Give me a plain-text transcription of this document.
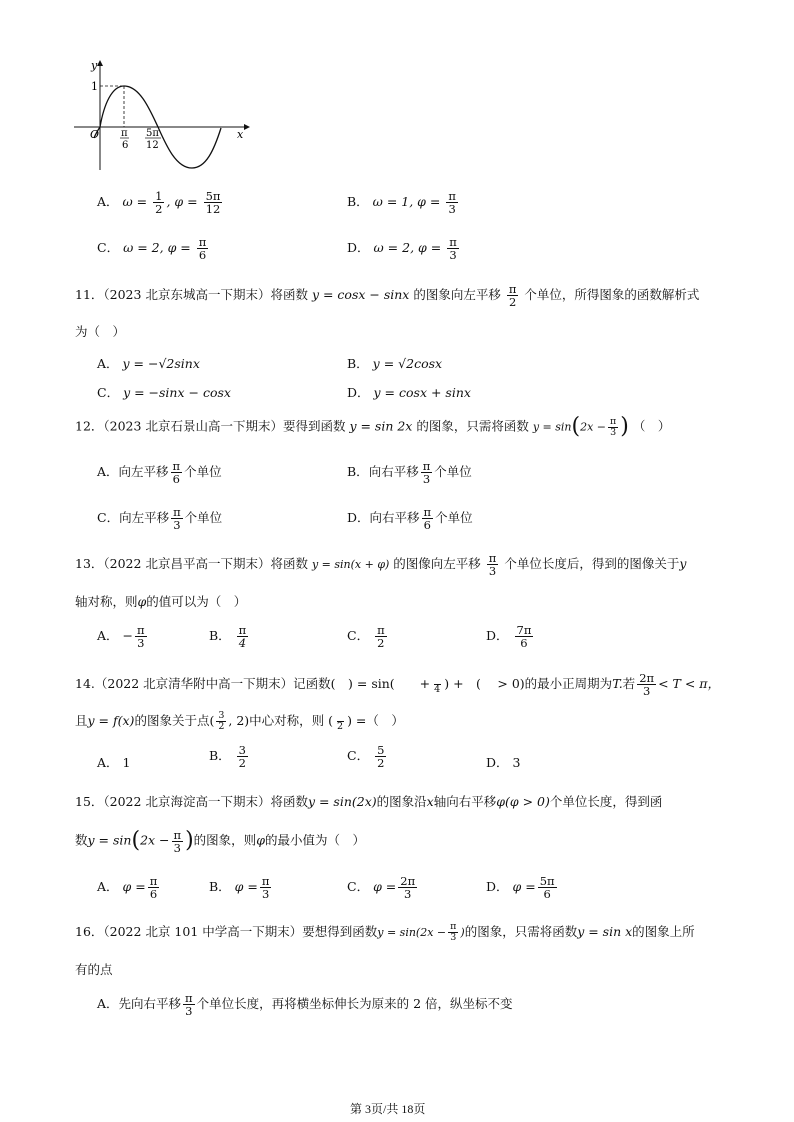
y
x
O
1
π
6
5π
12
A． $\omega = \frac{1}{2}$ , $\varphi = \frac{5\pi}{12}$	B． ω = 1, $\varphi = \frac{\pi}{3}$
C． ω = 2, $\varphi = \frac{\pi}{6}$	D． ω = 2, $\varphi = \frac{\pi}{3}$
11．（2023 北京东城高一下期末）将函数 y = cosx − sinx 的图象向左平移 $\frac{\pi}{2}$ 个单位，所得图象的函数解析式
为（　）
A． y = −√2sinx	B． y = √2cosx
C． y = −sinx − cosx	D． y = cosx + sinx
12．（2023 北京石景山高一下期末）要得到函数 y = sin 2x 的图象，只需将函数 $y = \sin(2x - \frac{\pi}{3}$ ) （　）
A．向左平移 $\frac{\pi}{6}$ 个单位	B．向右平移 $\frac{\pi}{3}$ 个单位
C．向左平移 $\frac{\pi}{3}$ 个单位	D．向右平移 $\frac{\pi}{6}$ 个单位
13．（2022 北京昌平高一下期末）将函数 y = sin(x + φ) 的图像向左平移 $\frac{\pi}{3}$ 个单位长度后，得到的图像关于y
轴对称，则φ的值可以为（　）
A． − $\frac{\pi}{3}$	B． $\frac{\pi}{4}$	C． $\frac{\pi}{2}$	D． $\frac{7\pi}{6}$
14.（2022 北京清华附中高一下期末）记函数(　) = sin(　　+
4 ) +　(　 > 0)的最小正周期为T.若 $\frac{2\pi}{3} < T < \pi$，
且y = f(x)的图象关于点( $\frac{3}{2}$ , 2)中心对称，则 (
2 ) =（　）
A． 1	B． $\frac{3}{2}$	C． $\frac{5}{2}$	D． 3
15．（2022 北京海淀高一下期末）将函数y = sin(2x)的图象沿x轴向右平移φ(φ > 0)个单位长度，得到函
数$y = \sin(2x - \frac{\pi}{3}$ )的图象，则φ的最小值为（　）
A． $\varphi = \frac{\pi}{6}$	B． $\varphi = \frac{\pi}{3}$	C． $\varphi = \frac{2\pi}{3}$	D． $\varphi = \frac{5\pi}{6}$
16．（2022 北京 101 中学高一下期末）要想得到函数$y = \sin(2x - \frac{\pi}{3}$ )的图象，只需将函数y = sin x的图象上所
有的点
A．先向右平移 $\frac{\pi}{3}$ 个单位长度，再将横坐标伸长为原来的 2 倍，纵坐标不变
第 3页/共 18页
